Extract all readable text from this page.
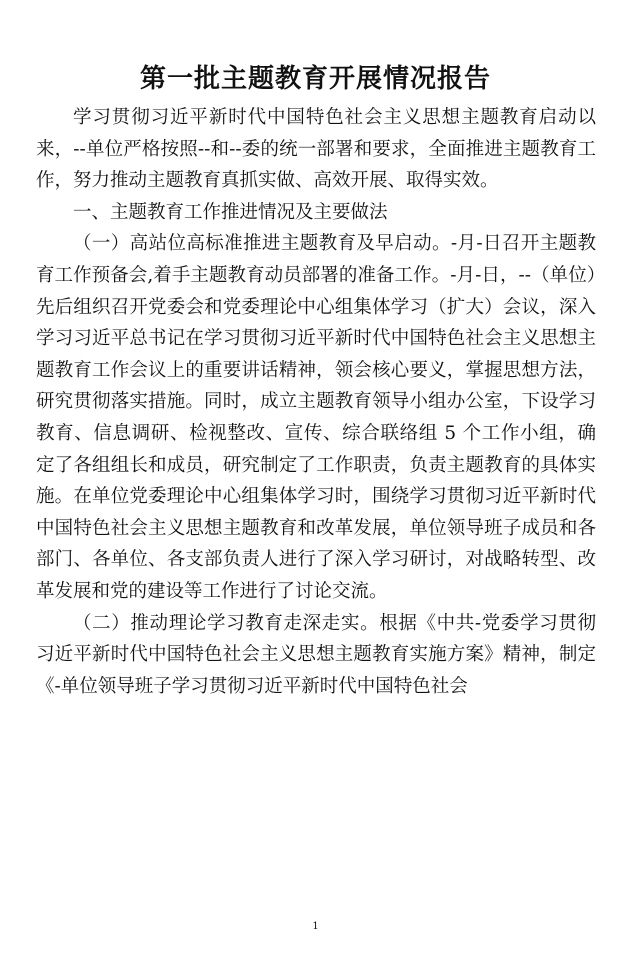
第一批主题教育开展情况报告

学习贯彻习近平新时代中国特色社会主义思想主题教育启动以来，--单位严格按照--和--委的统一部署和要求，全面推进主题教育工作，努力推动主题教育真抓实做、高效开展、取得实效。

一、主题教育工作推进情况及主要做法

（一）高站位高标准推进主题教育及早启动。-月-日召开主题教育工作预备会,着手主题教育动员部署的准备工作。-月-日，--（单位）先后组织召开党委会和党委理论中心组集体学习（扩大）会议，深入学习习近平总书记在学习贯彻习近平新时代中国特色社会主义思想主题教育工作会议上的重要讲话精神，领会核心要义，掌握思想方法，研究贯彻落实措施。同时，成立主题教育领导小组办公室，下设学习教育、信息调研、检视整改、宣传、综合联络组 5 个工作小组，确定了各组组长和成员，研究制定了工作职责，负责主题教育的具体实施。在单位党委理论中心组集体学习时，围绕学习贯彻习近平新时代中国特色社会主义思想主题教育和改革发展，单位领导班子成员和各部门、各单位、各支部负责人进行了深入学习研讨，对战略转型、改革发展和党的建设等工作进行了讨论交流。

（二）推动理论学习教育走深走实。根据《中共-党委学习贯彻习近平新时代中国特色社会主义思想主题教育实施方案》精神，制定《-单位领导班子学习贯彻习近平新时代中国特色社会

1
